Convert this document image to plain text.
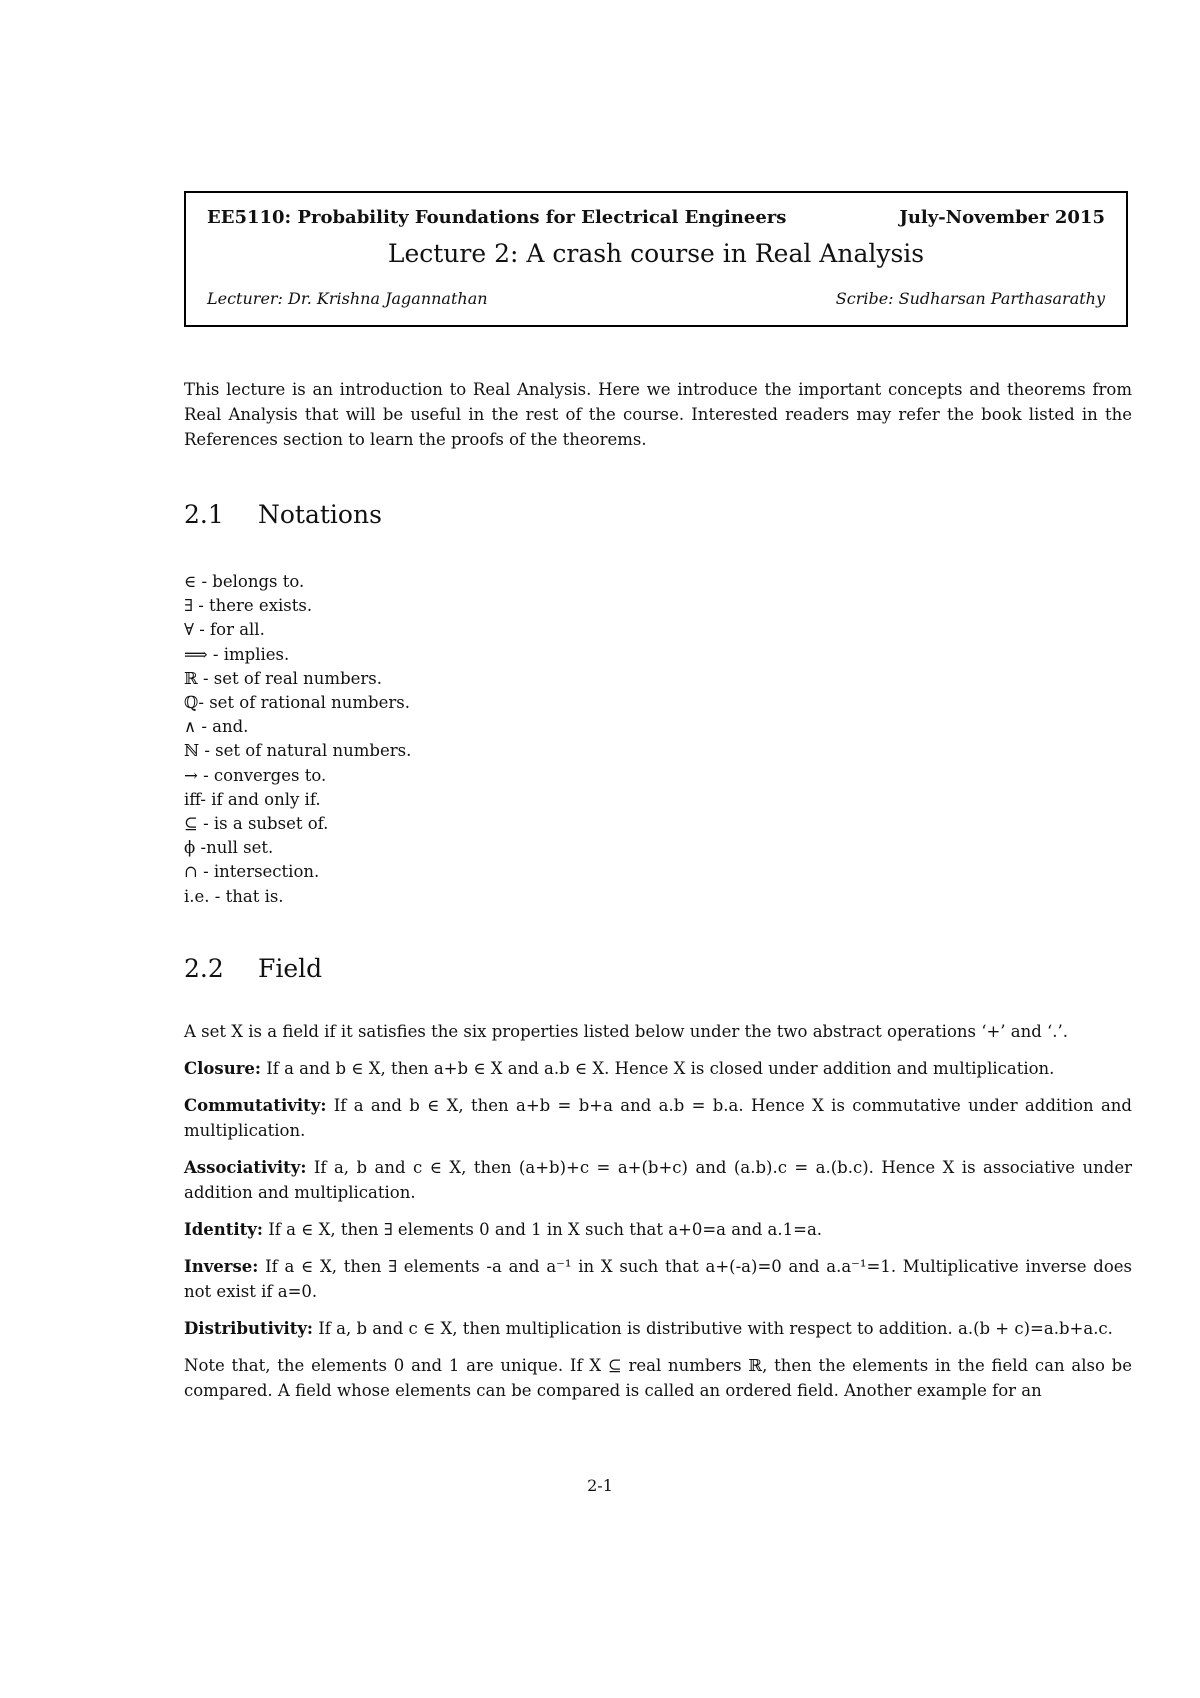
EE5110: Probability Foundations for Electrical Engineers	July-November 2015
Lecture 2: A crash course in Real Analysis
Lecturer: Dr. Krishna Jagannathan	Scribe: Sudharsan Parthasarathy
This lecture is an introduction to Real Analysis. Here we introduce the important concepts and theorems from Real Analysis that will be useful in the rest of the course. Interested readers may refer the book listed in the References section to learn the proofs of the theorems.
2.1 Notations
∈ - belongs to.
∃ - there exists.
∀ - for all.
⟹ - implies.
ℝ - set of real numbers.
ℚ- set of rational numbers.
∧ - and.
ℕ - set of natural numbers.
→ - converges to.
iff- if and only if.
⊆ - is a subset of.
ϕ -null set.
∩ - intersection.
i.e. - that is.
2.2 Field

A set X is a field if it satisfies the six properties listed below under the two abstract operations ‘+’ and ‘.’.

Closure: If a and b ∈ X, then a+b ∈ X and a.b ∈ X. Hence X is closed under addition and multiplication.

Commutativity: If a and b ∈ X, then a+b = b+a and a.b = b.a. Hence X is commutative under addition and multiplication.

Associativity: If a, b and c ∈ X, then (a+b)+c = a+(b+c) and (a.b).c = a.(b.c). Hence X is associative under addition and multiplication.

Identity: If a ∈ X, then ∃ elements 0 and 1 in X such that a+0=a and a.1=a.

Inverse: If a ∈ X, then ∃ elements -a and a⁻¹ in X such that a+(-a)=0 and a.a⁻¹=1. Multiplicative inverse does not exist if a=0.

Distributivity: If a, b and c ∈ X, then multiplication is distributive with respect to addition. a.(b + c)=a.b+a.c.

Note that, the elements 0 and 1 are unique. If X ⊆ real numbers ℝ, then the elements in the field can also be compared. A field whose elements can be compared is called an ordered field. Another example for an

2-1
